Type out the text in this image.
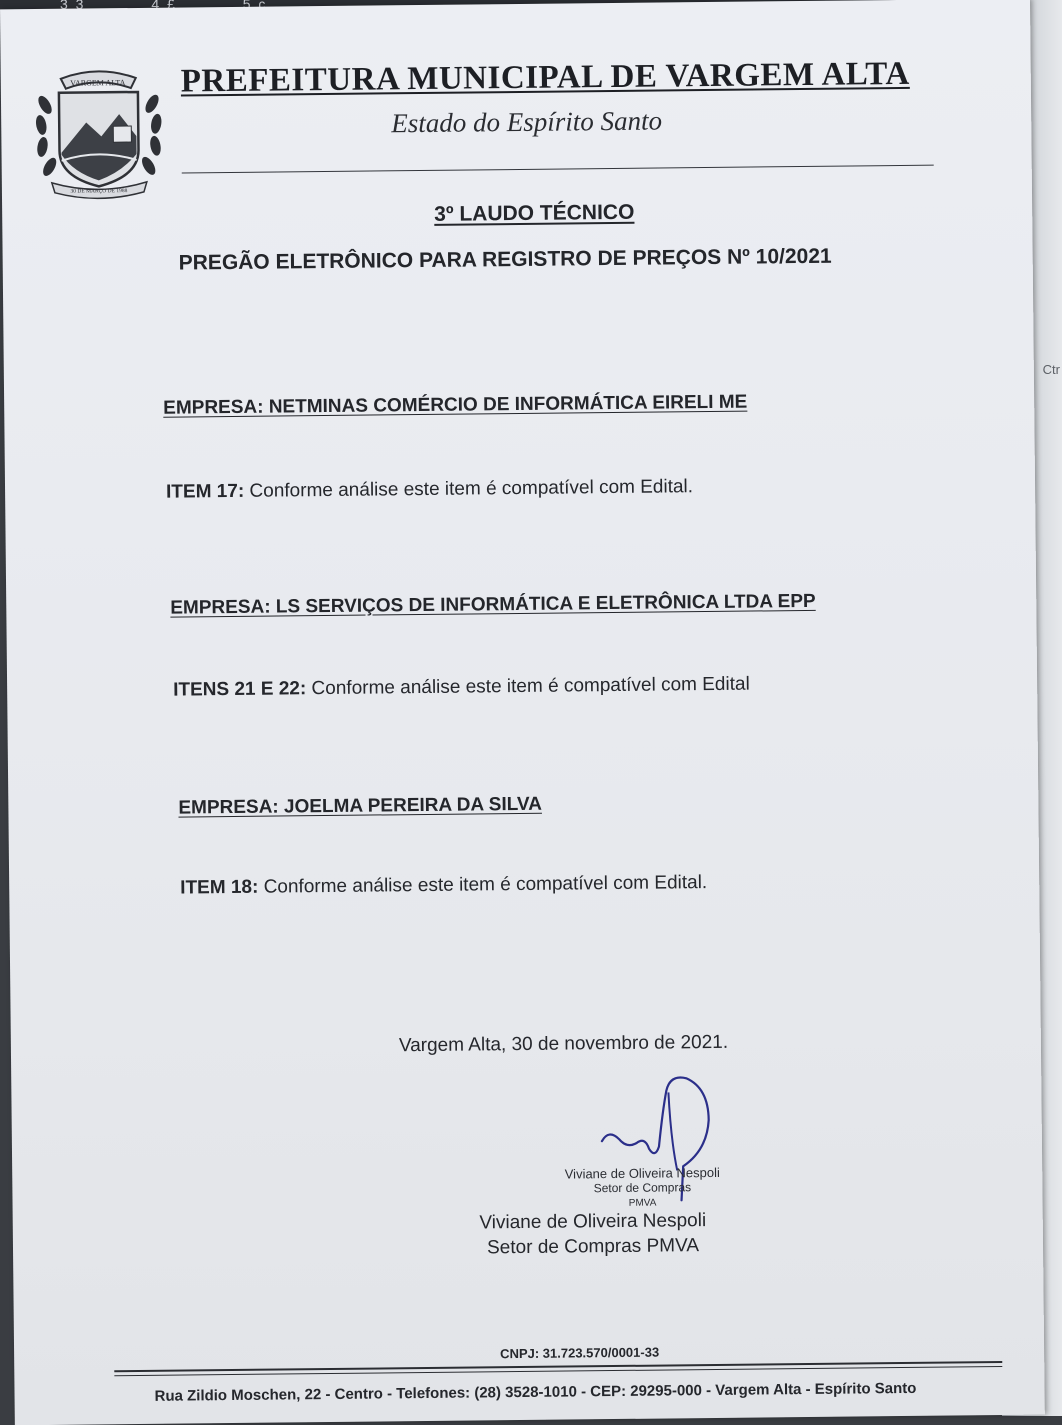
3 3	4 £
Ctr
VARGEM ALTA
30 DE MARÇO DE 1988
PREFEITURA MUNICIPAL DE VARGEM ALTA
Estado do Espírito Santo
3º LAUDO TÉCNICO
PREGÃO ELETRÔNICO PARA REGISTRO DE PREÇOS Nº 10/2021
EMPRESA: NETMINAS COMÉRCIO DE INFORMÁTICA EIRELI ME
ITEM 17: Conforme análise este item é compatível com Edital.
EMPRESA: LS SERVIÇOS DE INFORMÁTICA E ELETRÔNICA LTDA EPP
ITENS 21 E 22: Conforme análise este item é compatível com Edital
EMPRESA: JOELMA PEREIRA DA SILVA
ITEM 18: Conforme análise este item é compatível com Edital.
Vargem Alta, 30 de novembro de 2021.
Viviane de Oliveira Nespoli
Setor de Compras
PMVA
Viviane de Oliveira Nespoli
Setor de Compras PMVA
CNPJ: 31.723.570/0001-33
Rua Zildio Moschen, 22 - Centro - Telefones: (28) 3528-1010 - CEP: 29295-000 - Vargem Alta - Espírito Santo
